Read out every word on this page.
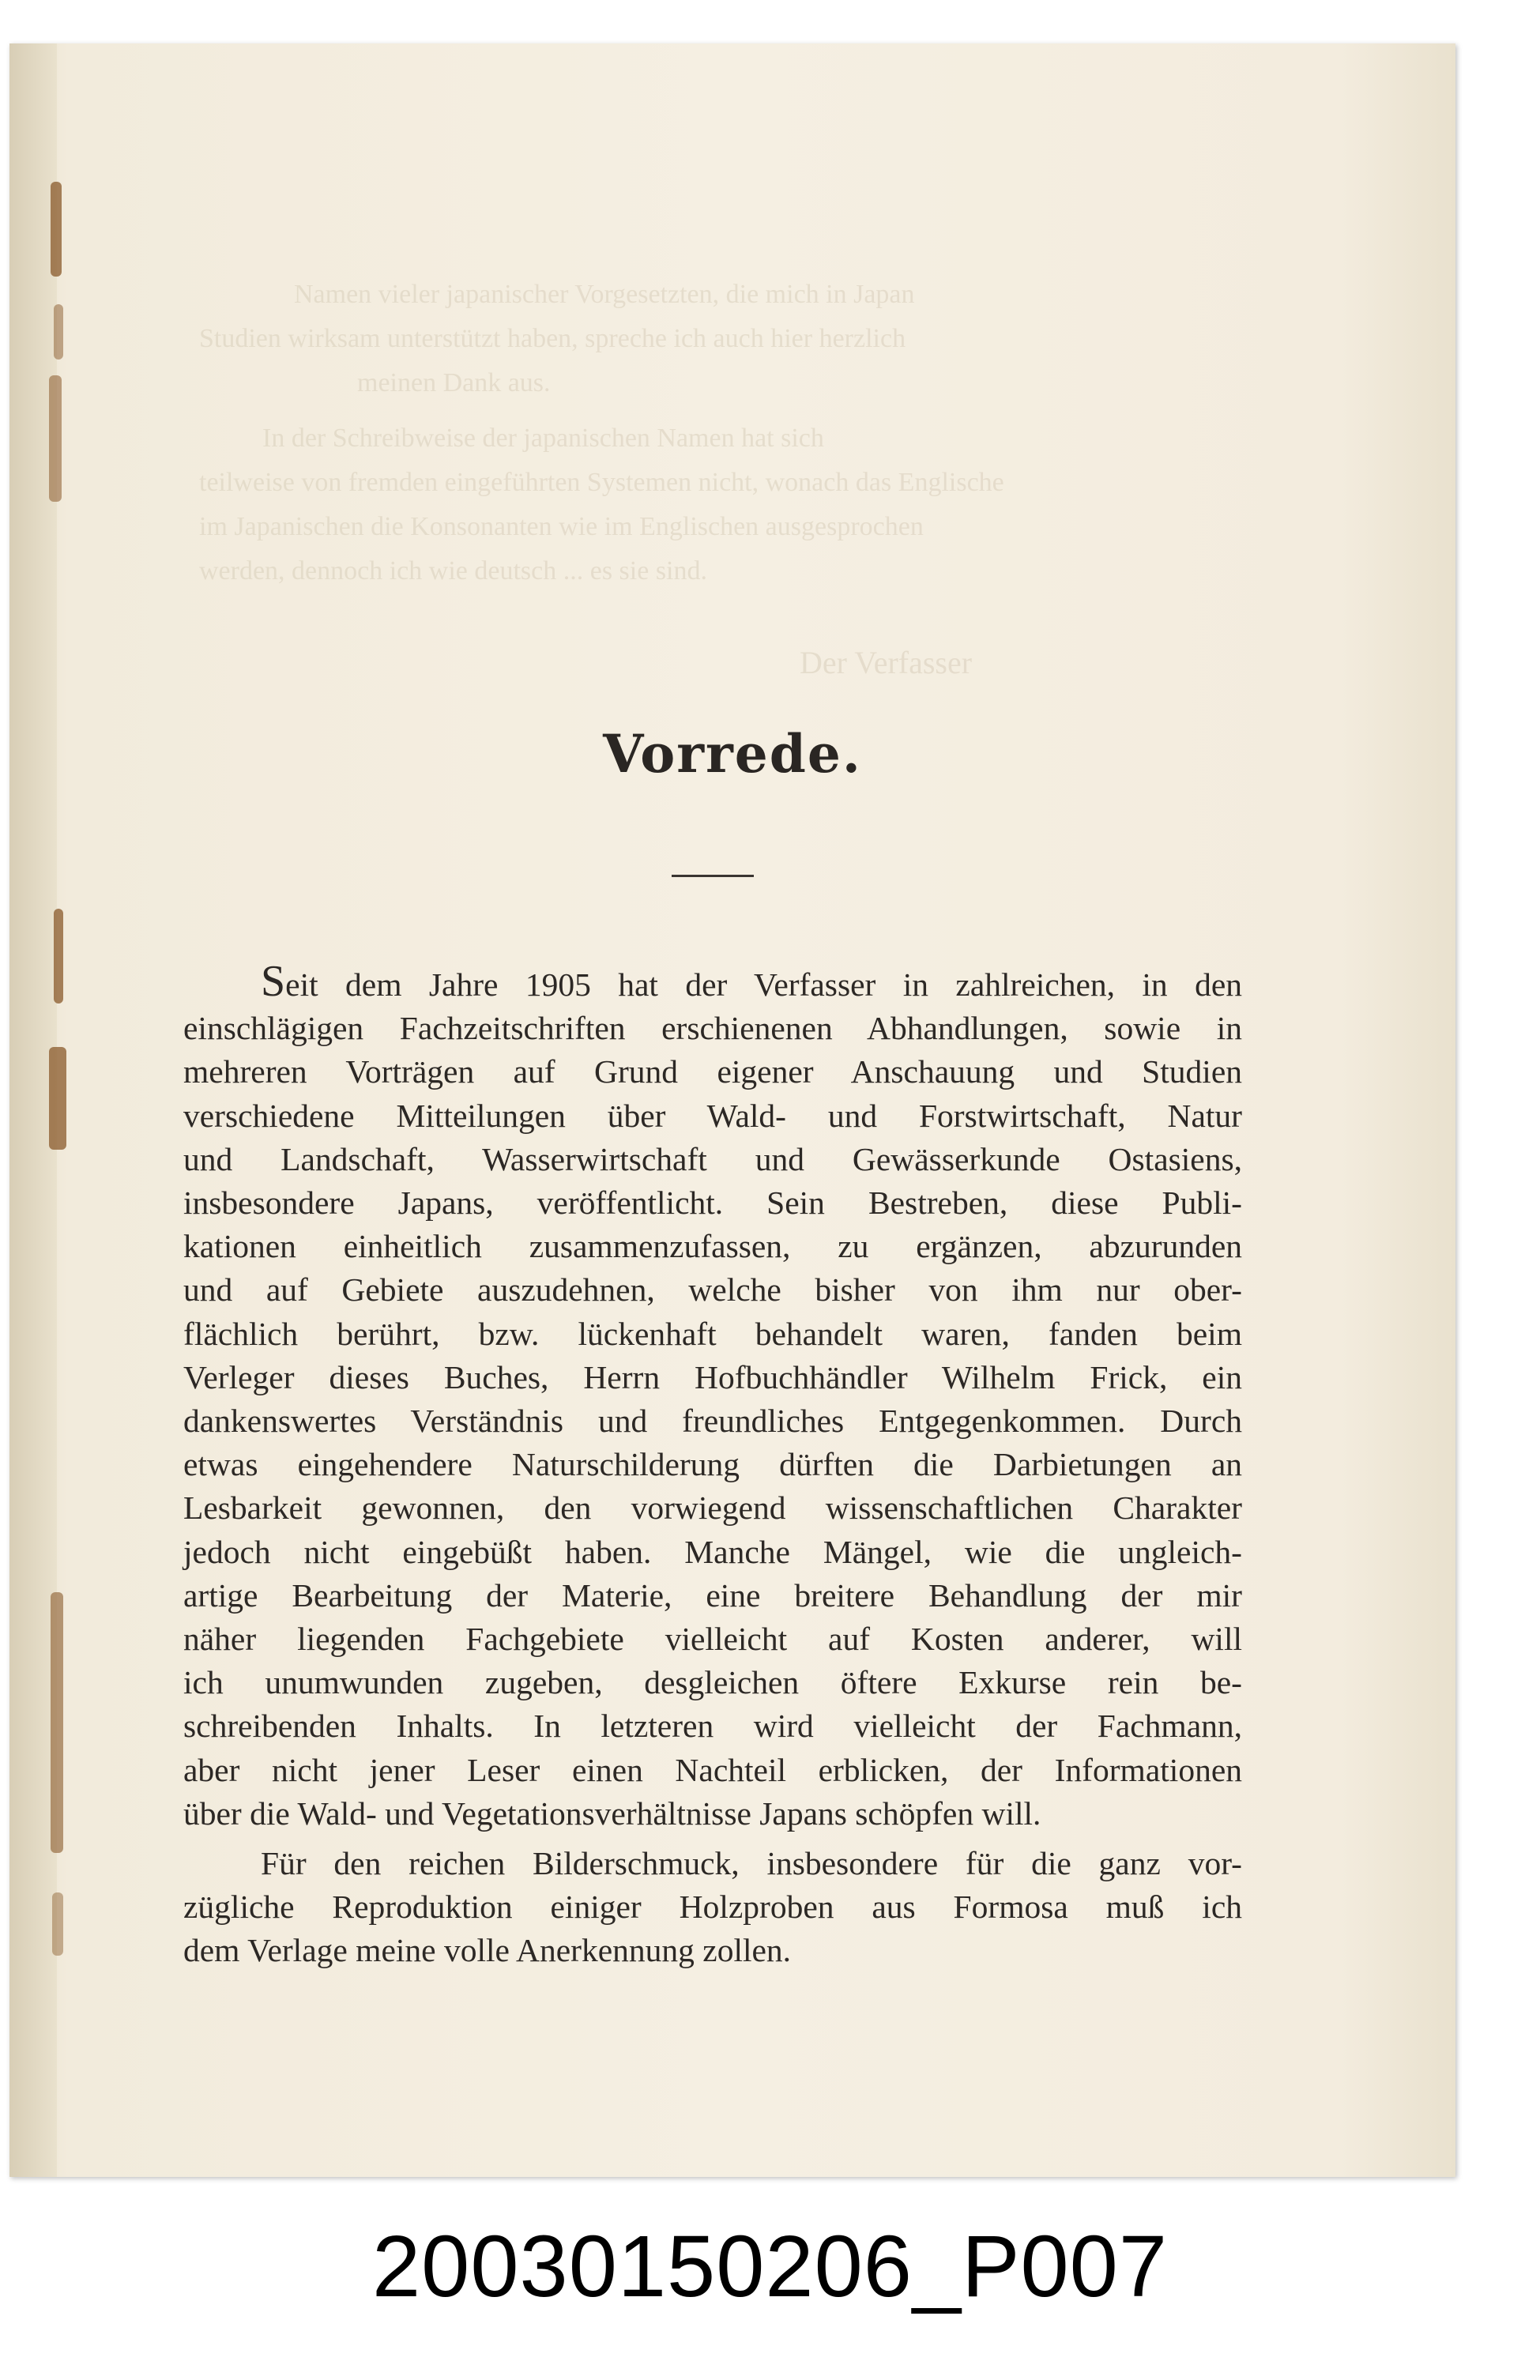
Namen vieler japanischer Vorgesetzten, die mich in Japan
Studien wirksam unterstützt haben, spreche ich auch hier herzlich
meinen Dank aus.
In der Schreibweise der japanischen Namen hat sich
teilweise von fremden eingeführten Systemen nicht, wonach das Englische
im Japanischen die Konsonanten wie im Englischen ausgesprochen
werden, dennoch ich wie deutsch ... es sie sind.
Der Verfasser
Vorrede.
Seit dem Jahre 1905 hat der Verfasser in zahlreichen, in den
einschlägigen Fachzeitschriften erschienenen Abhandlungen, sowie in
mehreren Vorträgen auf Grund eigener Anschauung und Studien
verschiedene Mitteilungen über Wald- und Forstwirtschaft, Natur
und Landschaft, Wasserwirtschaft und Gewässerkunde Ostasiens,
insbesondere Japans, veröffentlicht. Sein Bestreben, diese Publi-
kationen einheitlich zusammenzufassen, zu ergänzen, abzurunden
und auf Gebiete auszudehnen, welche bisher von ihm nur ober-
flächlich berührt, bzw. lückenhaft behandelt waren, fanden beim
Verleger dieses Buches, Herrn Hofbuchhändler Wilhelm Frick, ein
dankenswertes Verständnis und freundliches Entgegenkommen. Durch
etwas eingehendere Naturschilderung dürften die Darbietungen an
Lesbarkeit gewonnen, den vorwiegend wissenschaftlichen Charakter
jedoch nicht eingebüßt haben. Manche Mängel, wie die ungleich-
artige Bearbeitung der Materie, eine breitere Behandlung der mir
näher liegenden Fachgebiete vielleicht auf Kosten anderer, will
ich unumwunden zugeben, desgleichen öftere Exkurse rein be-
schreibenden Inhalts. In letzteren wird vielleicht der Fachmann,
aber nicht jener Leser einen Nachteil erblicken, der Informationen
über die Wald- und Vegetationsverhältnisse Japans schöpfen will.
Für den reichen Bilderschmuck, insbesondere für die ganz vor-
zügliche Reproduktion einiger Holzproben aus Formosa muß ich
dem Verlage meine volle Anerkennung zollen.
20030150206_P007
